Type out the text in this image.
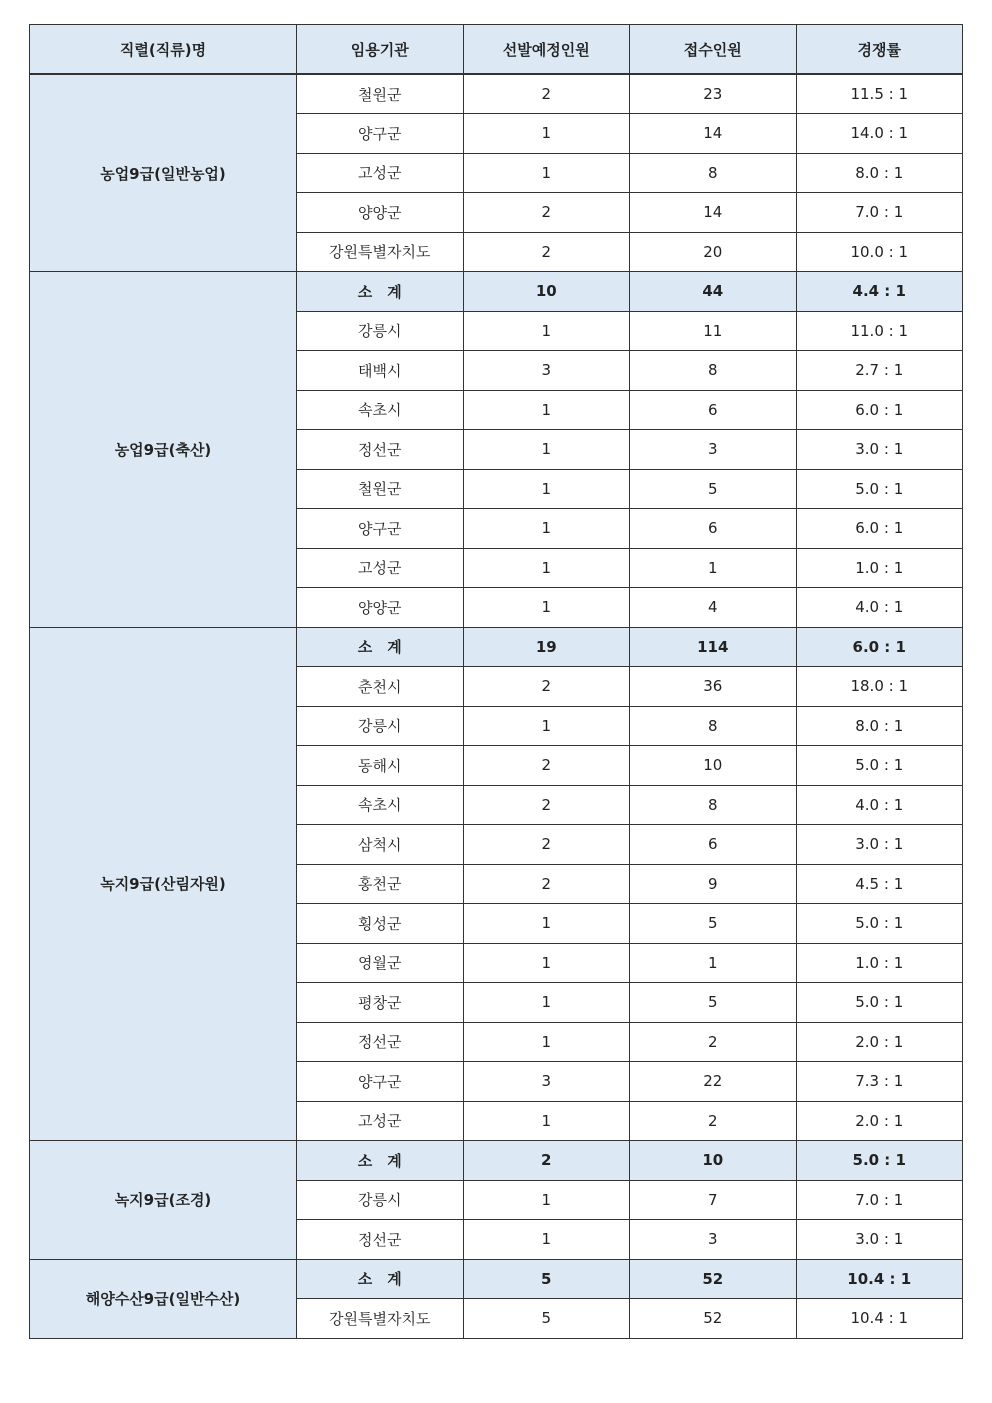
직렬(직류)명	임용기관	선발예정인원	접수인원	경쟁률
농업9급(일반농업)	철원군	2	23	11.5 : 1
	양구군	1	14	14.0 : 1
	고성군	1	8	8.0 : 1
	양양군	2	14	7.0 : 1
	강원특별자치도	2	20	10.0 : 1
농업9급(축산)	소　계	10	44	4.4 : 1
	강릉시	1	11	11.0 : 1
	태백시	3	8	2.7 : 1
	속초시	1	6	6.0 : 1
	정선군	1	3	3.0 : 1
	철원군	1	5	5.0 : 1
	양구군	1	6	6.0 : 1
	고성군	1	1	1.0 : 1
	양양군	1	4	4.0 : 1
녹지9급(산림자원)	소　계	19	114	6.0 : 1
	춘천시	2	36	18.0 : 1
	강릉시	1	8	8.0 : 1
	동해시	2	10	5.0 : 1
	속초시	2	8	4.0 : 1
	삼척시	2	6	3.0 : 1
	홍천군	2	9	4.5 : 1
	횡성군	1	5	5.0 : 1
	영월군	1	1	1.0 : 1
	평창군	1	5	5.0 : 1
	정선군	1	2	2.0 : 1
	양구군	3	22	7.3 : 1
	고성군	1	2	2.0 : 1
녹지9급(조경)	소　계	2	10	5.0 : 1
	강릉시	1	7	7.0 : 1
	정선군	1	3	3.0 : 1
해양수산9급(일반수산)	소　계	5	52	10.4 : 1
	강원특별자치도	5	52	10.4 : 1
